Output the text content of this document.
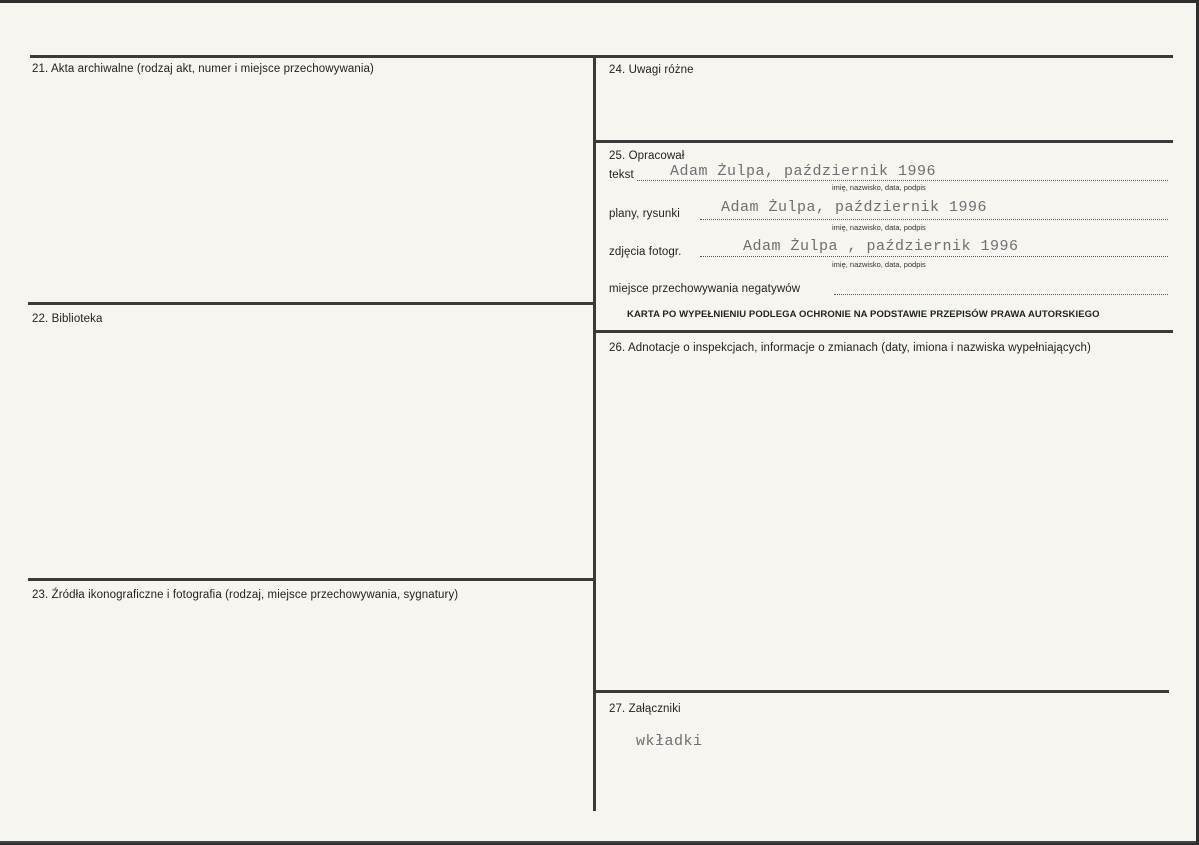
21. Akta archiwalne (rodzaj akt, numer i miejsce przechowywania)
22. Biblioteka
23. Źródła ikonograficzne i fotografia (rodzaj, miejsce przechowywania, sygnatury)
24. Uwagi różne
25. Opracował
tekst Adam Żulpa, październik 1996
imię, nazwisko, data, podpis
plany, rysunki	Adam Żulpa, październik 1996
imię, nazwisko, data, podpis
zdjęcia fotogr.	Adam Żulpa , październik 1996
imię, nazwisko, data, podpis
miejsce przechowywania negatywów
KARTA PO WYPEŁNIENIU PODLEGA OCHRONIE NA PODSTAWIE PRZEPISÓW PRAWA AUTORSKIEGO
26. Adnotacje o inspekcjach, informacje o zmianach (daty, imiona i nazwiska wypełniających)
27. Załączniki
wkładki
